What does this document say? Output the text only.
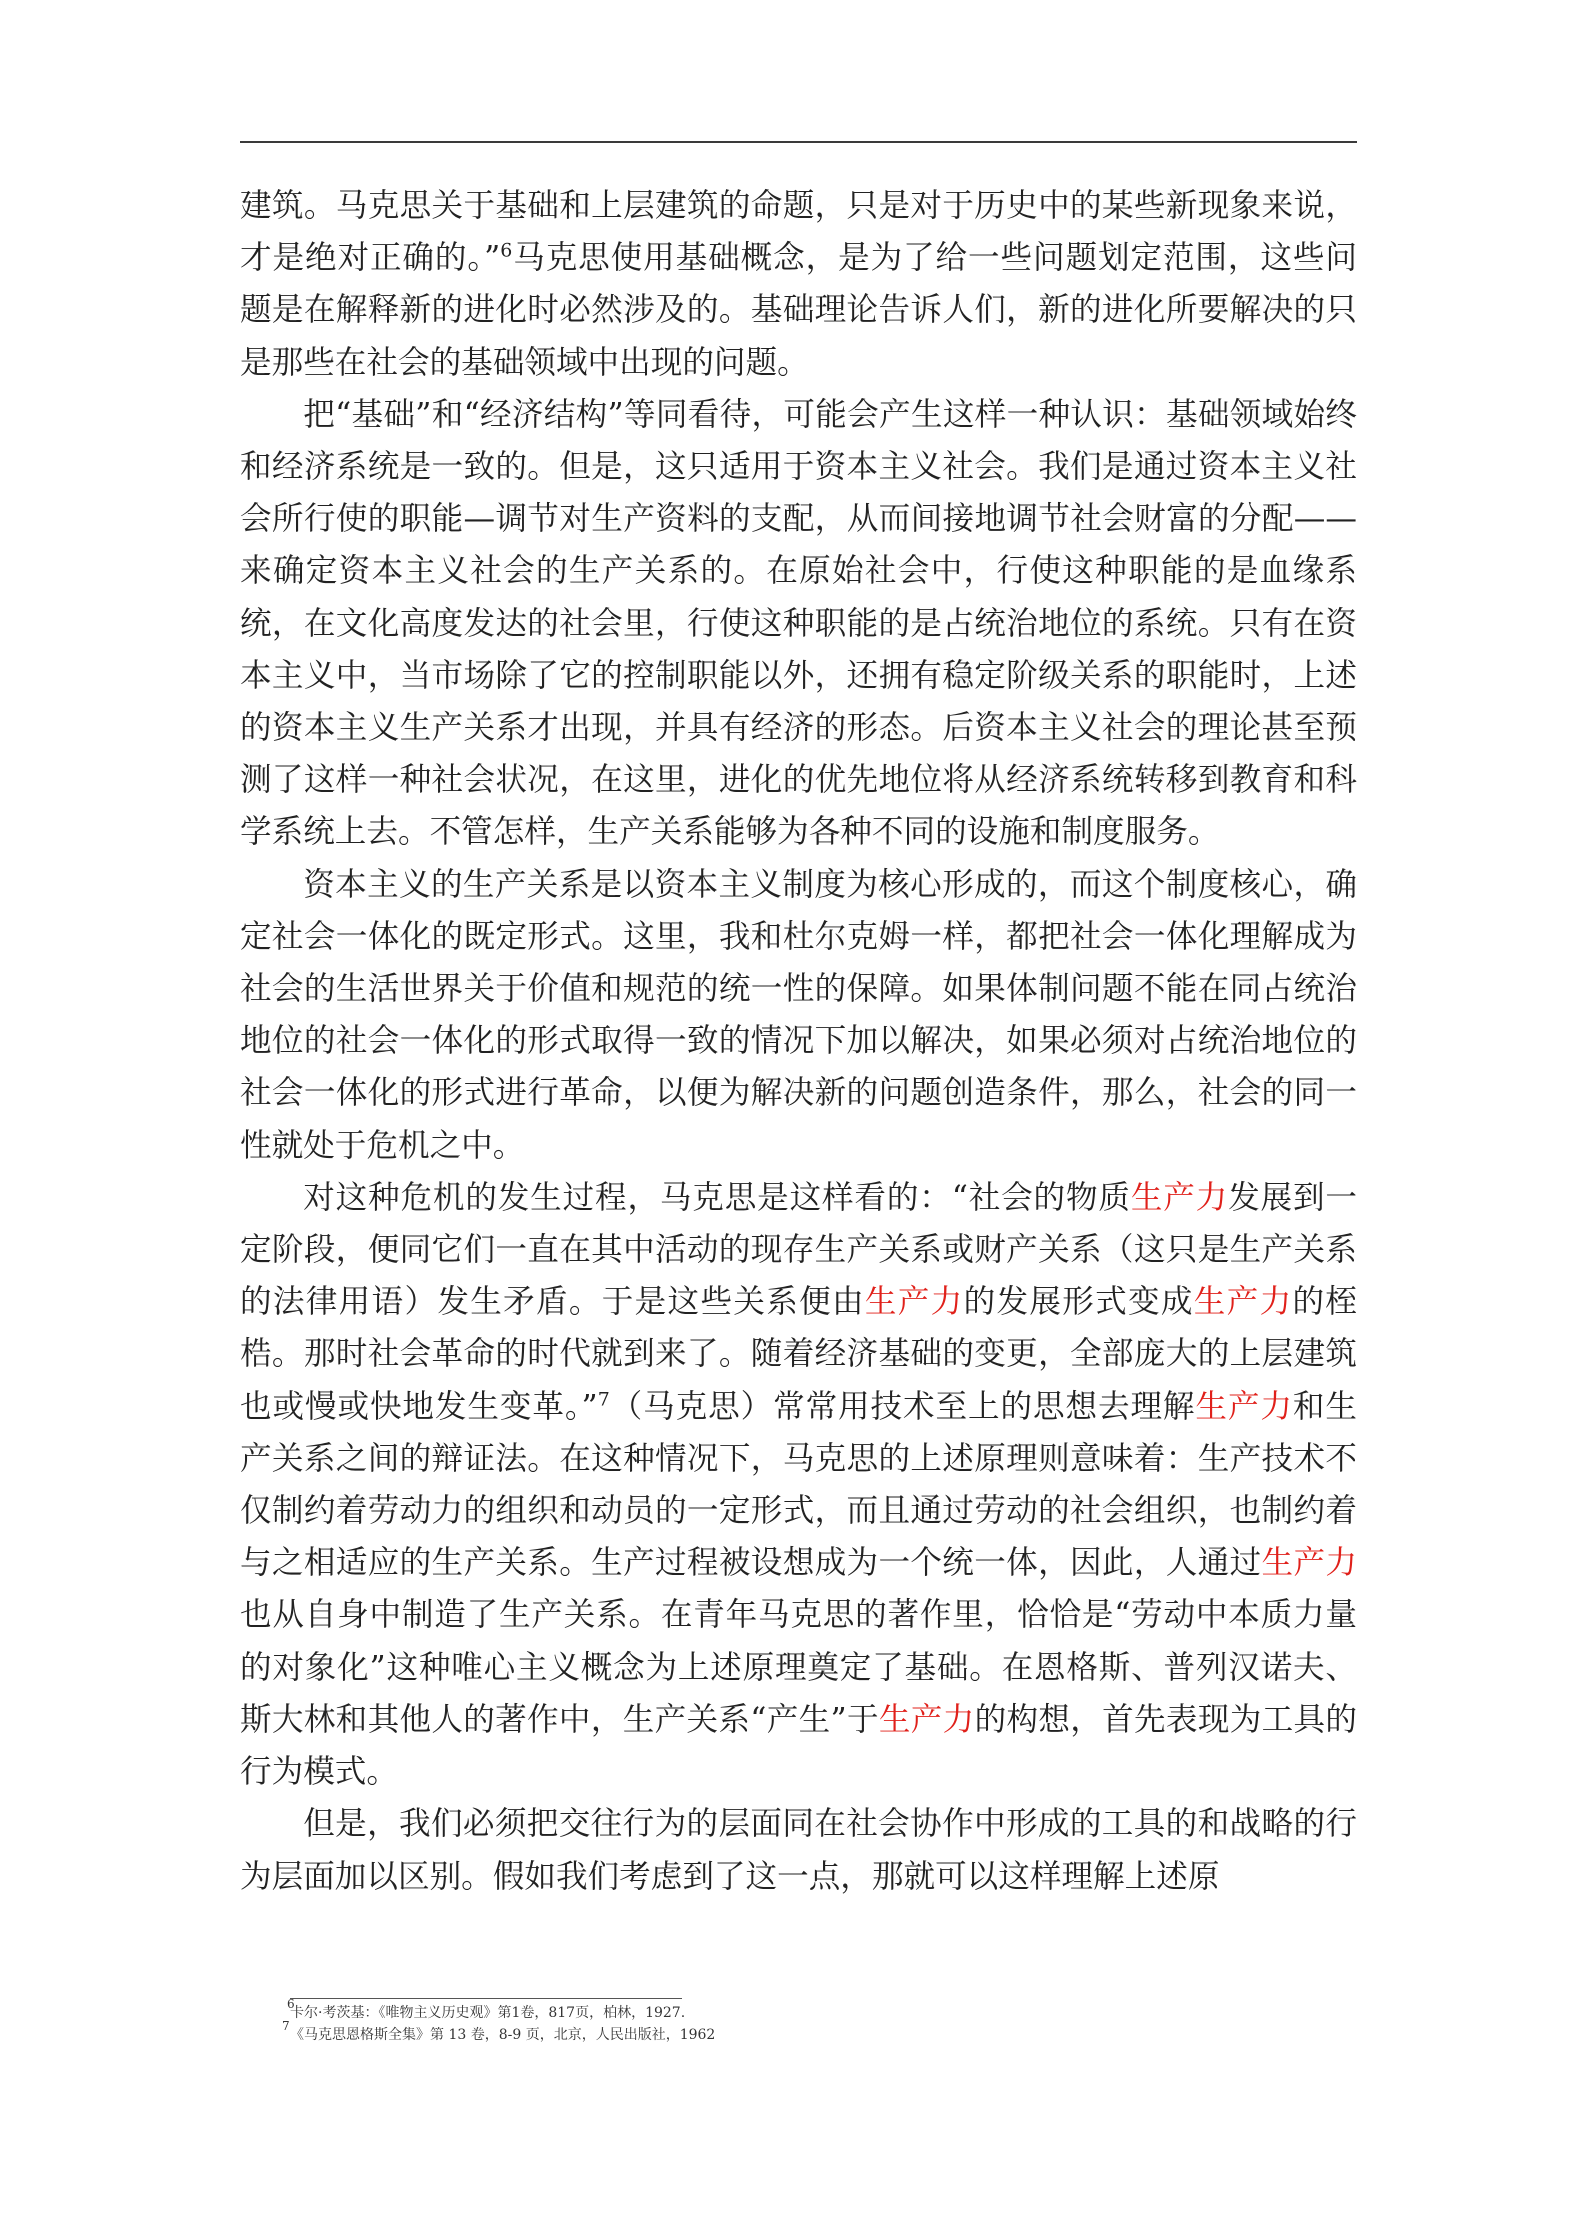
建筑。马克思关于基础和上层建筑的命题，只是对于历史中的某些新现象来说，才是绝对正确的。”$^6$马克思使用基础概念，是为了给一些问题划定范围，这些问题是在解释新的进化时必然涉及的。基础理论告诉人们，新的进化所要解决的只是那些在社会的基础领域中出现的问题。

把“基础”和“经济结构”等同看待，可能会产生这样一种认识：基础领域始终和经济系统是一致的。但是，这只适用于资本主义社会。我们是通过资本主义社会所行使的职能—调节对生产资料的支配，从而间接地调节社会财富的分配——来确定资本主义社会的生产关系的。在原始社会中，行使这种职能的是血缘系统，在文化高度发达的社会里，行使这种职能的是占统治地位的系统。只有在资本主义中，当市场除了它的控制职能以外，还拥有稳定阶级关系的职能时，上述的资本主义生产关系才出现，并具有经济的形态。后资本主义社会的理论甚至预测了这样一种社会状况，在这里，进化的优先地位将从经济系统转移到教育和科学系统上去。不管怎样，生产关系能够为各种不同的设施和制度服务。

资本主义的生产关系是以资本主义制度为核心形成的，而这个制度核心，确定社会一体化的既定形式。这里，我和杜尔克姆一样，都把社会一体化理解成为社会的生活世界关于价值和规范的统一性的保障。如果体制问题不能在同占统治地位的社会一体化的形式取得一致的情况下加以解决，如果必须对占统治地位的社会一体化的形式进行革命，以便为解决新的问题创造条件，那么，社会的同一性就处于危机之中。

对这种危机的发生过程，马克思是这样看的：“社会的物质生产力发展到一定阶段，便同它们一直在其中活动的现存生产关系或财产关系（这只是生产关系的法律用语）发生矛盾。于是这些关系便由生产力的发展形式变成生产力的桎梏。那时社会革命的时代就到来了。随着经济基础的变更，全部庞大的上层建筑也或慢或快地发生变革。”$^7$（马克思）常常用技术至上的思想去理解生产力和生产关系之间的辩证法。在这种情况下，马克思的上述原理则意味着：生产技术不仅制约着劳动力的组织和动员的一定形式，而且通过劳动的社会组织，也制约着与之相适应的生产关系。生产过程被设想成为一个统一体，因此，人通过生产力也从自身中制造了生产关系。在青年马克思的著作里，恰恰是“劳动中本质力量的对象化”这种唯心主义概念为上述原理奠定了基础。在恩格斯、普列汉诺夫、斯大林和其他人的著作中，生产关系“产生”于生产力的构想，首先表现为工具的行为模式。

但是，我们必须把交往行为的层面同在社会协作中形成的工具的和战略的行为层面加以区别。假如我们考虑到了这一点，那就可以这样理解上述原

6
卡尔·考茨基：《唯物主义历史观》第1卷，817页，柏林，1927.
7
《马克思恩格斯全集》第 13 卷，8-9 页，北京，人民出版社，1962
